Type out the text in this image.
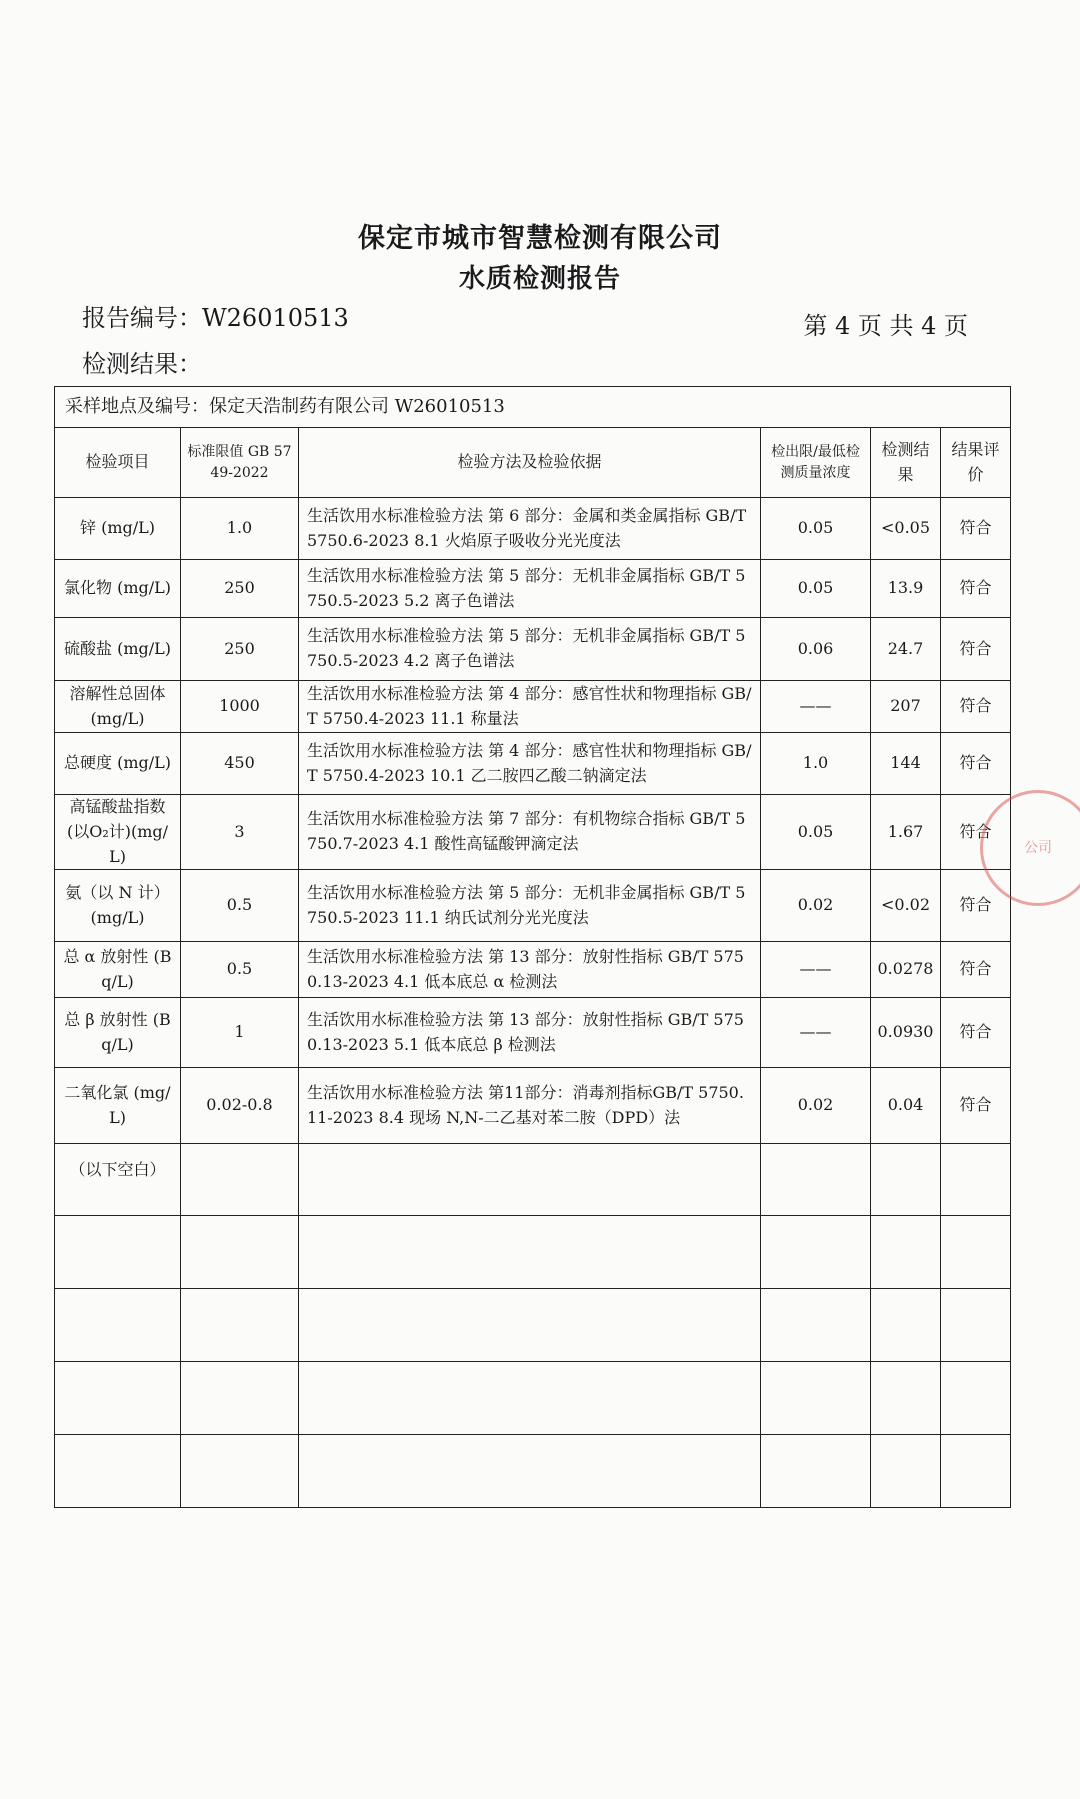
保定市城市智慧检测有限公司
水质检测报告
报告编号：W26010513	第 4 页 共 4 页
检测结果：
采样地点及编号：保定天浩制药有限公司 W26010513					
检验项目	标准限值 GB 5749-2022	检验方法及检验依据	检出限/最低检测质量浓度	检测结果	结果评价
锌 (mg/L)	1.0	生活饮用水标准检验方法 第 6 部分：金属和类金属指标 GB/T 5750.6-2023 8.1 火焰原子吸收分光光度法	0.05	<0.05	符合
氯化物 (mg/L)	250	生活饮用水标准检验方法 第 5 部分：无机非金属指标 GB/T 5750.5-2023 5.2 离子色谱法	0.05	13.9	符合
硫酸盐 (mg/L)	250	生活饮用水标准检验方法 第 5 部分：无机非金属指标 GB/T 5750.5-2023 4.2 离子色谱法	0.06	24.7	符合
溶解性总固体 (mg/L)	1000	生活饮用水标准检验方法 第 4 部分：感官性状和物理指标 GB/T 5750.4-2023 11.1 称量法	——	207	符合
总硬度 (mg/L)	450	生活饮用水标准检验方法 第 4 部分：感官性状和物理指标 GB/T 5750.4-2023 10.1 乙二胺四乙酸二钠滴定法	1.0	144	符合
高锰酸盐指数 (以O₂计)(mg/L)	3	生活饮用水标准检验方法 第 7 部分：有机物综合指标 GB/T 5750.7-2023 4.1 酸性高锰酸钾滴定法	0.05	1.67	符合
氨（以 N 计）(mg/L)	0.5	生活饮用水标准检验方法 第 5 部分：无机非金属指标 GB/T 5750.5-2023 11.1 纳氏试剂分光光度法	0.02	<0.02	符合
总 α 放射性 (Bq/L)	0.5	生活饮用水标准检验方法 第 13 部分：放射性指标 GB/T 5750.13-2023 4.1 低本底总 α 检测法	——	0.0278	符合
总 β 放射性 (Bq/L)	1	生活饮用水标准检验方法 第 13 部分：放射性指标 GB/T 5750.13-2023 5.1 低本底总 β 检测法	——	0.0930	符合
二氧化氯 (mg/L)	0.02-0.8	生活饮用水标准检验方法 第11部分：消毒剂指标GB/T 5750.11-2023 8.4 现场 N,N-二乙基对苯二胺（DPD）法	0.02	0.04	符合
（以下空白）					

公司
